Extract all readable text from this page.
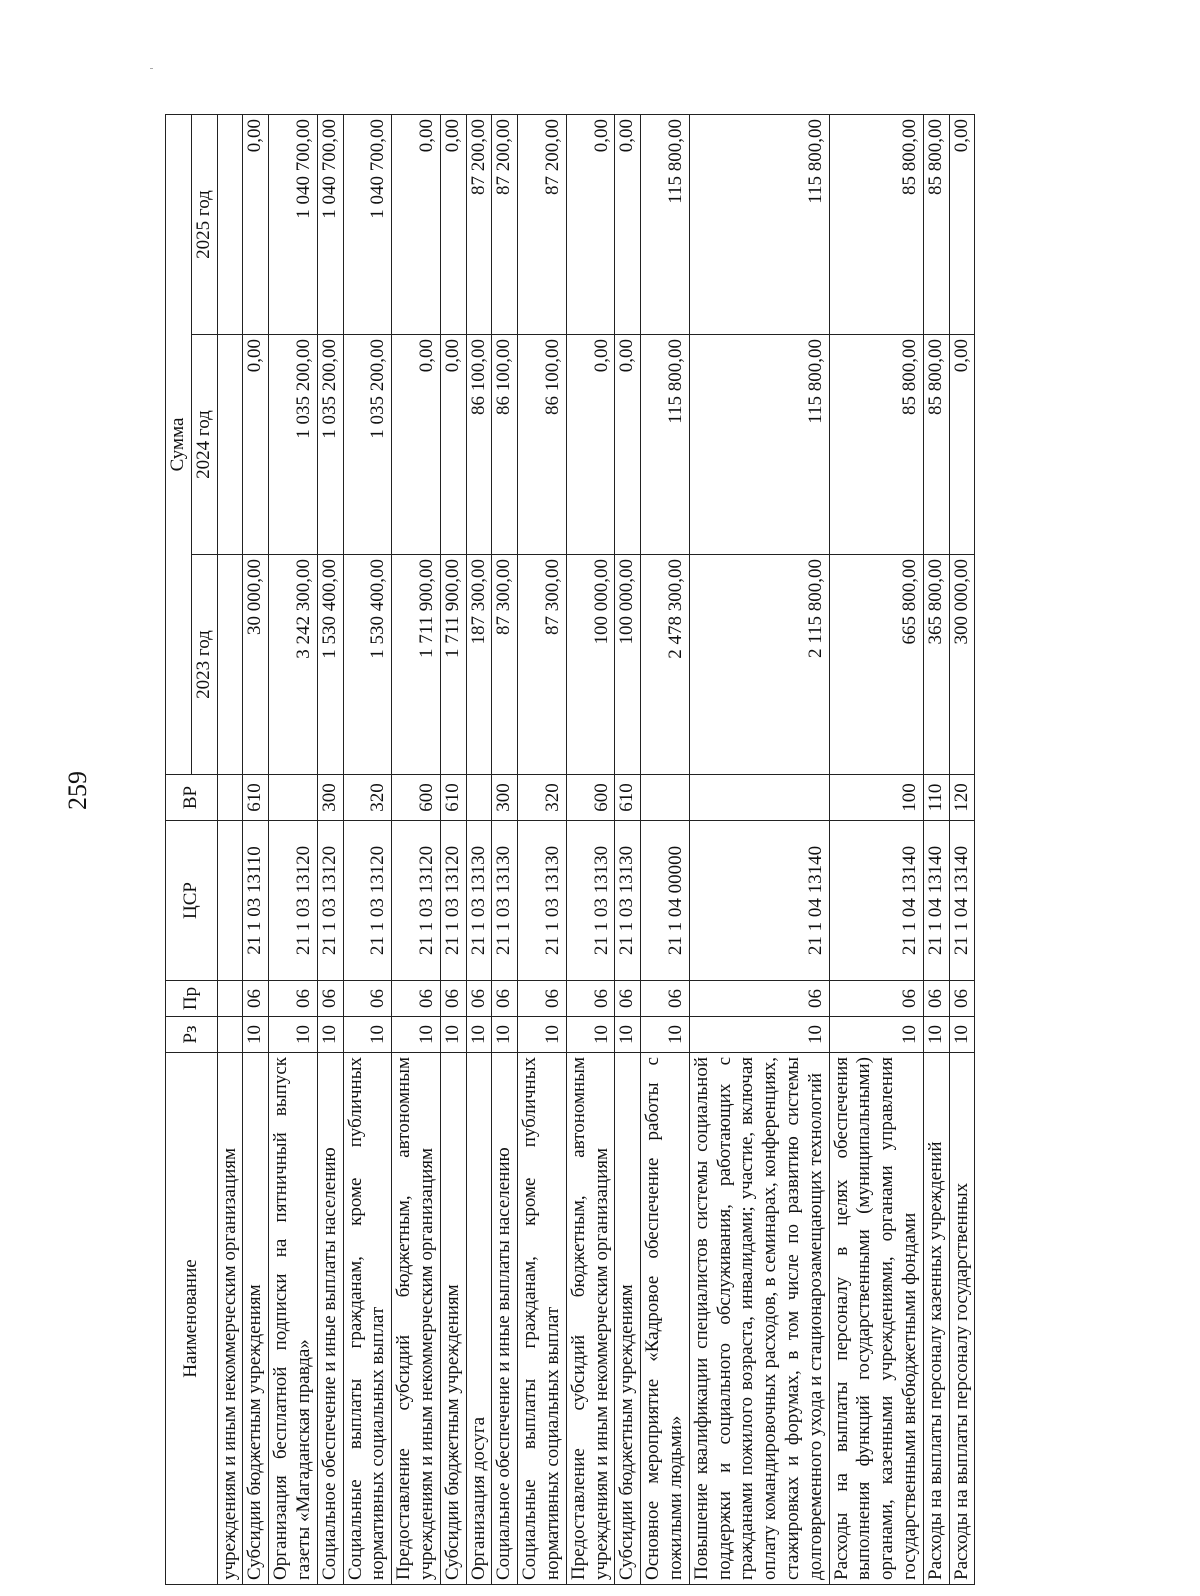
259
Наименование	Рз	Пр	ЦСР	ВР	Сумма		
					2023 год	2024 год	2025 год
учреждениям и иным некоммерческим организациям							
Субсидии бюджетным учреждениям	10	06	21 1 03 13110	610	30 000,00	0,00	0,00
Организация бесплатной подписки на пятничный выпуск газеты «Магаданская правда»	10	06	21 1 03 13120		3 242 300,00	1 035 200,00	1 040 700,00
Социальное обеспечение и иные выплаты населению	10	06	21 1 03 13120	300	1 530 400,00	1 035 200,00	1 040 700,00
Социальные выплаты гражданам, кроме публичных нормативных социальных выплат	10	06	21 1 03 13120	320	1 530 400,00	1 035 200,00	1 040 700,00
Предоставление субсидий бюджетным, автономным учреждениям и иным некоммерческим организациям	10	06	21 1 03 13120	600	1 711 900,00	0,00	0,00
Субсидии бюджетным учреждениям	10	06	21 1 03 13120	610	1 711 900,00	0,00	0,00
Организация досуга	10	06	21 1 03 13130		187 300,00	86 100,00	87 200,00
Социальное обеспечение и иные выплаты населению	10	06	21 1 03 13130	300	87 300,00	86 100,00	87 200,00
Социальные выплаты гражданам, кроме публичных нормативных социальных выплат	10	06	21 1 03 13130	320	87 300,00	86 100,00	87 200,00
Предоставление субсидий бюджетным, автономным учреждениям и иным некоммерческим организациям	10	06	21 1 03 13130	600	100 000,00	0,00	0,00
Субсидии бюджетным учреждениям	10	06	21 1 03 13130	610	100 000,00	0,00	0,00
Основное мероприятие «Кадровое обеспечение работы с пожилыми людьми»	10	06	21 1 04 00000		2 478 300,00	115 800,00	115 800,00
Повышение квалификации специалистов системы социальной поддержки и социального обслуживания, работающих с гражданами пожилого возраста, инвалидами; участие, включая оплату командировочных расходов, в семинарах, конференциях, стажировках и форумах, в том числе по развитию системы долговременного ухода и стационарозамещающих технологий	10	06	21 1 04 13140		2 115 800,00	115 800,00	115 800,00
Расходы на выплаты персоналу в целях обеспечения выполнения функций государственными (муниципальными) органами, казенными учреждениями, органами управления государственными внебюджетными фондами	10	06	21 1 04 13140	100	665 800,00	85 800,00	85 800,00
Расходы на выплаты персоналу казенных учреждений	10	06	21 1 04 13140	110	365 800,00	85 800,00	85 800,00
Расходы на выплаты персоналу государственных	10	06	21 1 04 13140	120	300 000,00	0,00	0,00
